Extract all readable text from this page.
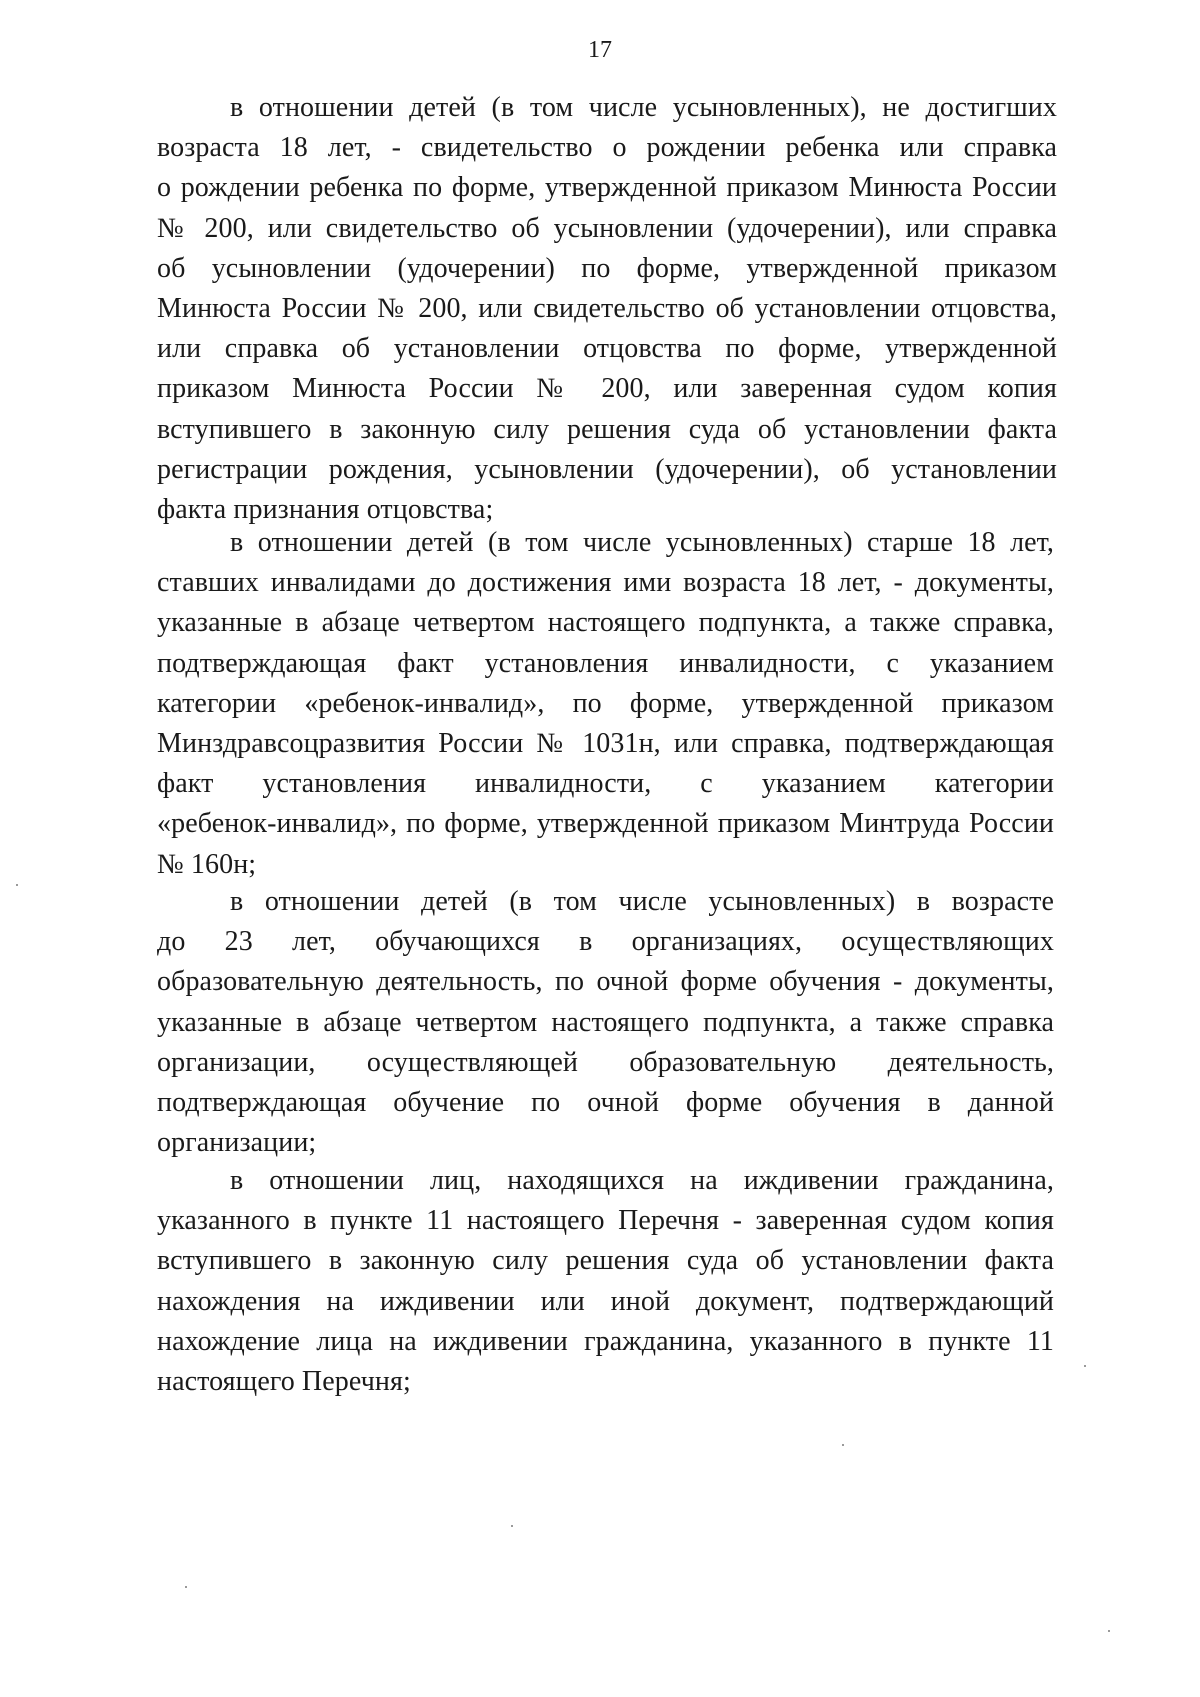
17
в отношении детей (в том числе усыновленных), не достигших
возраста 18 лет, - свидетельство о рождении ребенка или справка
о рождении ребенка по форме, утвержденной приказом Минюста России
№ 200, или свидетельство об усыновлении (удочерении), или справка
об усыновлении (удочерении) по форме, утвержденной приказом
Минюста России № 200, или свидетельство об установлении отцовства,
или справка об установлении отцовства по форме, утвержденной
приказом Минюста России № 200, или заверенная судом копия
вступившего в законную силу решения суда об установлении факта
регистрации рождения, усыновлении (удочерении), об установлении
факта признания отцовства;
в отношении детей (в том числе усыновленных) старше 18 лет,
ставших инвалидами до достижения ими возраста 18 лет, - документы,
указанные в абзаце четвертом настоящего подпункта, а также справка,
подтверждающая факт установления инвалидности, с указанием
категории «ребенок-инвалид», по форме, утвержденной приказом
Минздравсоцразвития России № 1031н, или справка, подтверждающая
факт установления инвалидности, с указанием категории
«ребенок-инвалид», по форме, утвержденной приказом Минтруда России
№ 160н;
в отношении детей (в том числе усыновленных) в возрасте
до 23 лет, обучающихся в организациях, осуществляющих
образовательную деятельность, по очной форме обучения - документы,
указанные в абзаце четвертом настоящего подпункта, а также справка
организации, осуществляющей образовательную деятельность,
подтверждающая обучение по очной форме обучения в данной
организации;
в отношении лиц, находящихся на иждивении гражданина,
указанного в пункте 11 настоящего Перечня - заверенная судом копия
вступившего в законную силу решения суда об установлении факта
нахождения на иждивении или иной документ, подтверждающий
нахождение лица на иждивении гражданина, указанного в пункте 11
настоящего Перечня;
